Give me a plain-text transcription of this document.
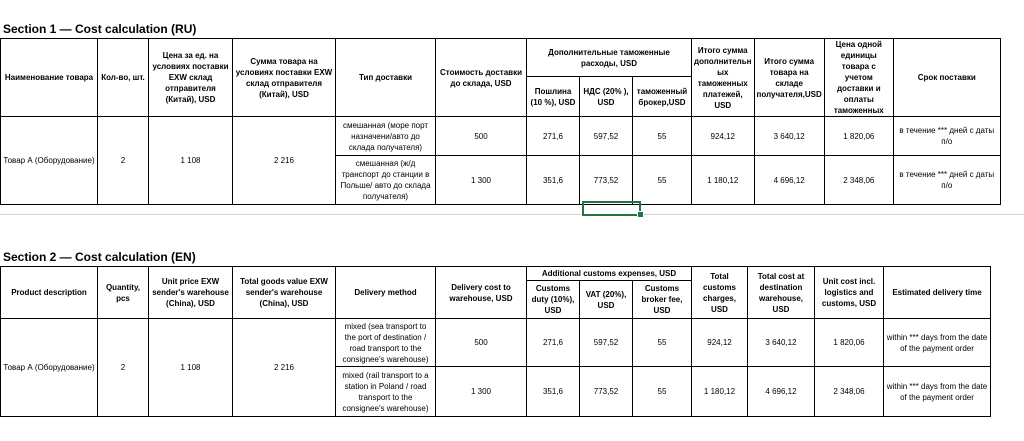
Section 1 — Cost calculation (RU)
Наименование товара	Кол-во, шт.	Цена за ед. на условиях поставки EXW склад отправителя (Китай), USD	Сумма товара на условиях поставки EXW склад отправителя (Китай), USD	Тип доставки	Стоимость доставки до склада, USD	Дополнительные таможенные расходы, USD			Итого сумма дополнительн ых таможенных платежей, USD	Итого сумма товара на складе получателя,USD	Цена одной единицы товара с учетом доставки и оплаты таможенных	Срок поставки
						Пошлина (10 %), USD	НДС (20% ), USD	таможенный брокер,USD				
Товар А (Оборудование)	2	1 108	2 216	смешанная (море порт назначени/авто до склада получателя)	500	271,6	597,52	55	924,12	3 640,12	1 820,06	в течение *** дней с даты п/о
				смешанная (ж/д транспорт до станции в Польше/ авто до склада получателя)	1 300	351,6	773,52	55	1 180,12	4 696,12	2 348,06	в течение *** дней с даты п/о
Section 2 — Cost calculation (EN)
Product description	Quantity, pcs	Unit price EXW sender's warehouse (China), USD	Total goods value EXW sender's warehouse (China), USD	Delivery method	Delivery cost to warehouse, USD	Additional customs expenses, USD			Total customs charges, USD	Total cost at destination warehouse, USD	Unit cost incl. logistics and customs, USD	Estimated delivery time
						Customs duty (10%), USD	VAT (20%), USD	Customs broker fee, USD				
Товар А (Оборудование)	2	1 108	2 216	mixed (sea transport to the port of destination / road transport to the consignee's warehouse)	500	271,6	597,52	55	924,12	3 640,12	1 820,06	within *** days from the date of the payment order
				mixed (rail transport to a station in Poland / road transport to the consignee's warehouse)	1 300	351,6	773,52	55	1 180,12	4 696,12	2 348,06	within *** days from the date of the payment order
